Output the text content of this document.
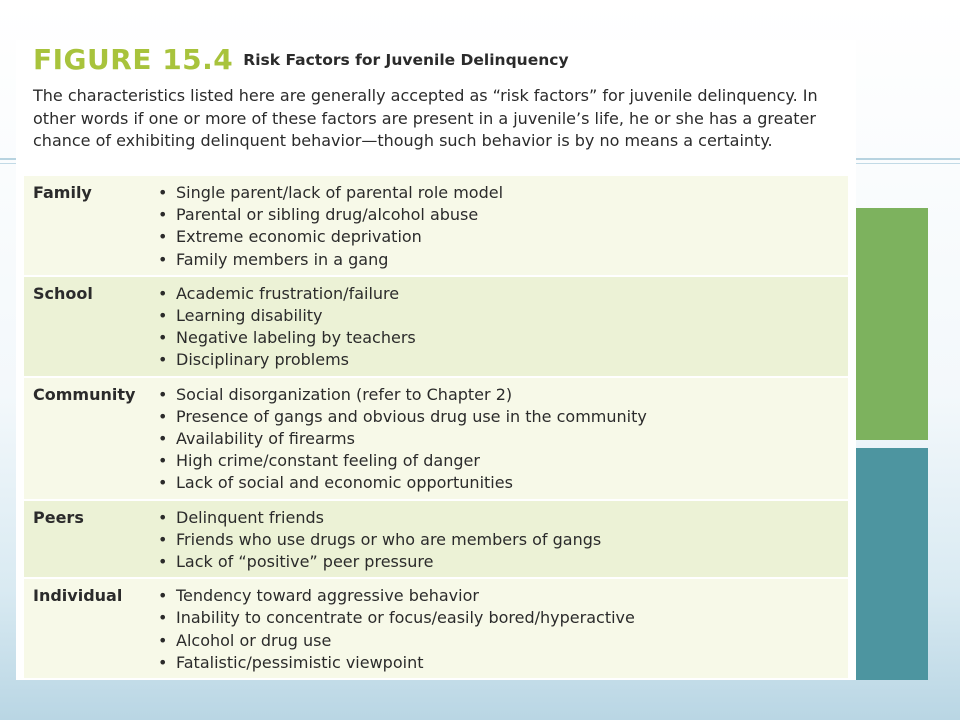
FIGURE 15.4 Risk Factors for Juvenile Delinquency
The characteristics listed here are generally accepted as “risk factors” for juvenile delinquency. In other words if one or more of these factors are present in a juvenile’s life, he or she has a greater chance of exhibiting delinquent behavior—though such behavior is by no means a certainty.
Family	• Single parent/lack of parental role model
• Parental or sibling drug/alcohol abuse
• Extreme economic deprivation
• Family members in a gang
School	• Academic frustration/failure
• Learning disability
• Negative labeling by teachers
• Disciplinary problems
Community	• Social disorganization (refer to Chapter 2)
• Presence of gangs and obvious drug use in the community
• Availability of firearms
• High crime/constant feeling of danger
• Lack of social and economic opportunities
Peers	• Delinquent friends
• Friends who use drugs or who are members of gangs
• Lack of “positive” peer pressure
Individual	• Tendency toward aggressive behavior
• Inability to concentrate or focus/easily bored/hyperactive
• Alcohol or drug use
• Fatalistic/pessimistic viewpoint
